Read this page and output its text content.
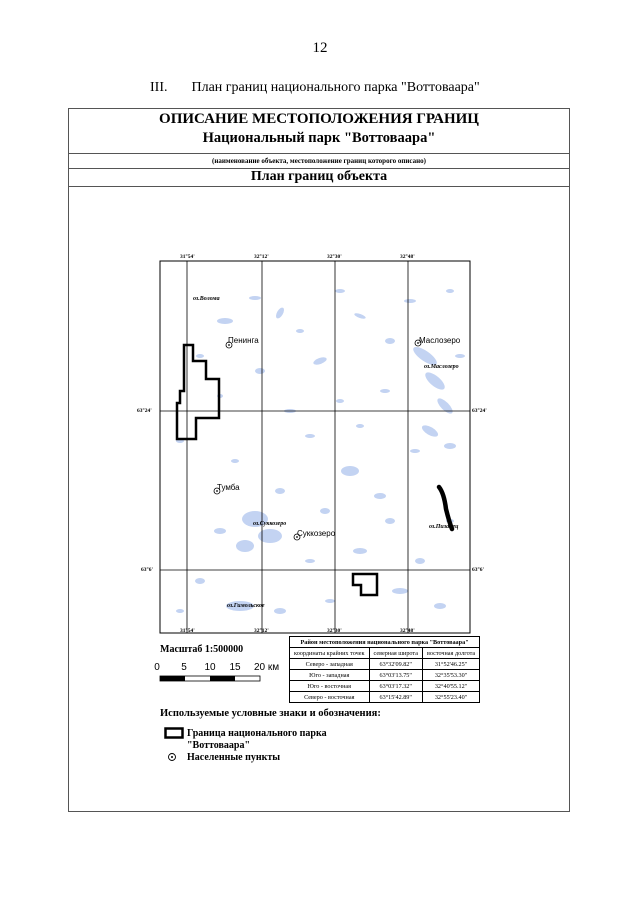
12
III. План границ национального парка "Воттоваара"
ОПИСАНИЕ МЕСТОПОЛОЖЕНИЯ ГРАНИЦ
Национальный парк "Воттоваара"
(наименование объекта, местоположение границ которого описано)
План границ объекта
31°54'	32°12'	32°30'	32°48'
31°54'	32°12'	32°30'	32°48'
Пенинга	Маслозеро
Тумба
Суккозеро
оз.Волома
оз.Маслозеро
оз.Суккозеро	оз.Пизанец
оз.Гимольское
63°24'	63°24'
63°6'	63°6'
Масштаб 1:500000
0 5 10 15 20 км
Район местоположения национального парка "Воттоваара"		
координаты крайних точек	северная широта	восточная долгота
Северо - западная	63°32'09.82"	31°52'46.25"
Юго - западная	63°03'13.75"	32°35'53.30"
Юго - восточная	63°03'17.32"	32°40'55.12"
Северо - восточная	63°15'42.89"	32°55'23.40"
Используемые условные знаки и обозначения:
Граница национального парка
"Воттоваара"
Населенные пункты
